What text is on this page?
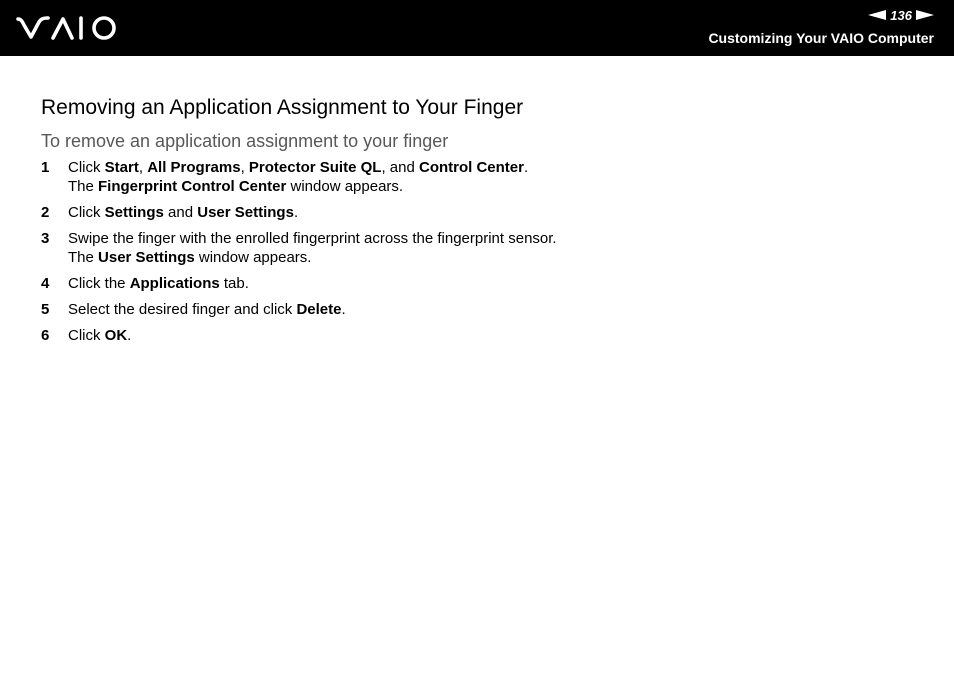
136
Customizing Your VAIO Computer
Removing an Application Assignment to Your Finger
To remove an application assignment to your finger
1 Click Start, All Programs, Protector Suite QL, and Control Center.
The Fingerprint Control Center window appears.
2 Click Settings and User Settings.
3 Swipe the finger with the enrolled fingerprint across the fingerprint sensor.
The User Settings window appears.
4 Click the Applications tab.
5 Select the desired finger and click Delete.
6 Click OK.
